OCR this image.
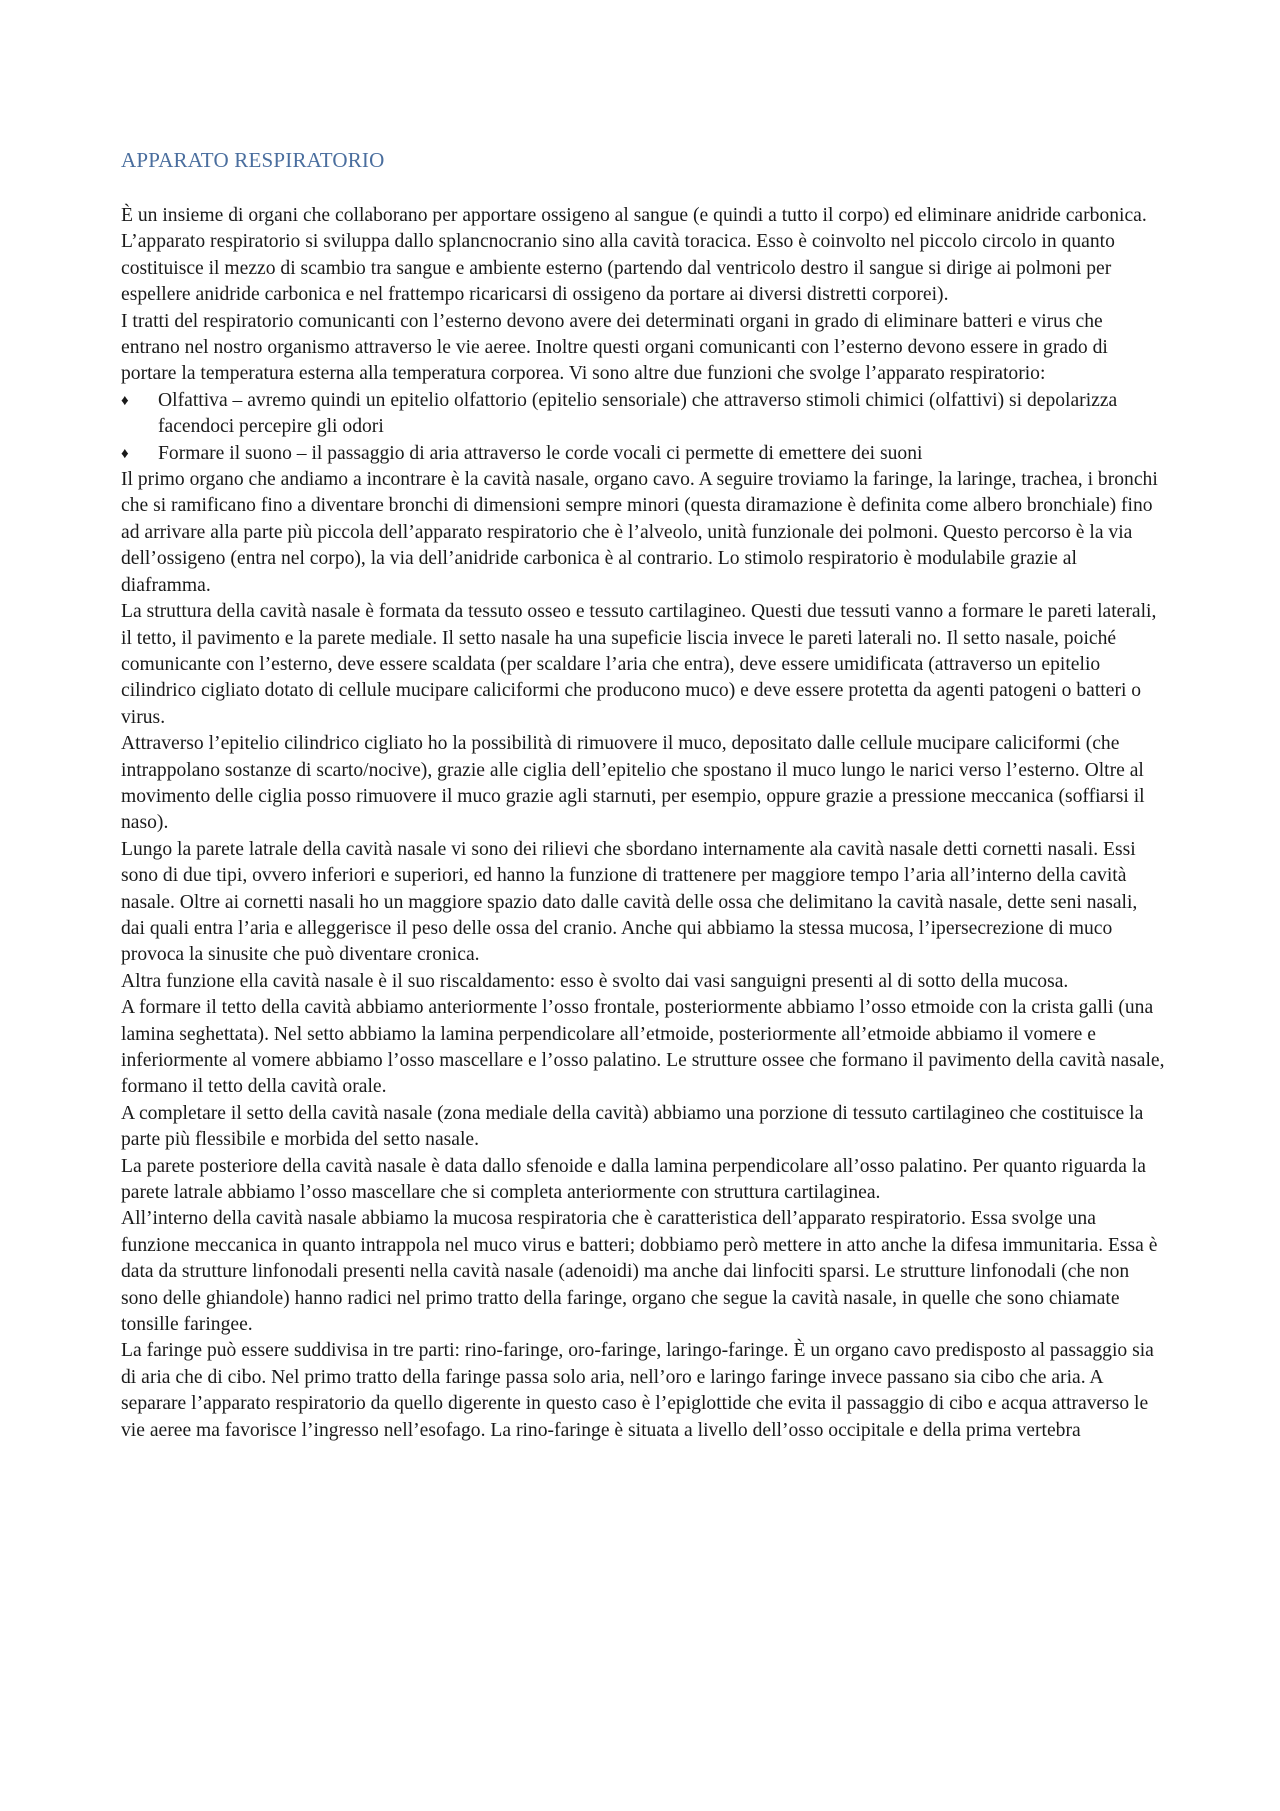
APPARATO RESPIRATORIO

È un insieme di organi che collaborano per apportare ossigeno al sangue (e quindi a tutto il corpo) ed eliminare anidride carbonica. L’apparato respiratorio si sviluppa dallo splancnocranio sino alla cavità toracica. Esso è coinvolto nel piccolo circolo in quanto costituisce il mezzo di scambio tra sangue e ambiente esterno (partendo dal ventricolo destro il sangue si dirige ai polmoni per espellere anidride carbonica e nel frattempo ricaricarsi di ossigeno da portare ai diversi distretti corporei).

I tratti del respiratorio comunicanti con l’esterno devono avere dei determinati organi in grado di eliminare batteri e virus che entrano nel nostro organismo attraverso le vie aeree. Inoltre questi organi comunicanti con l’esterno devono essere in grado di portare la temperatura esterna alla temperatura corporea. Vi sono altre due funzioni che svolge l’apparato respiratorio:

♦ Olfattiva – avremo quindi un epitelio olfattorio (epitelio sensoriale) che attraverso stimoli chimici (olfattivi) si depolarizza facendoci percepire gli odori
♦ Formare il suono – il passaggio di aria attraverso le corde vocali ci permette di emettere dei suoni

Il primo organo che andiamo a incontrare è la cavità nasale, organo cavo. A seguire troviamo la faringe, la laringe, trachea, i bronchi che si ramificano fino a diventare bronchi di dimensioni sempre minori (questa diramazione è definita come albero bronchiale) fino ad arrivare alla parte più piccola dell’apparato respiratorio che è l’alveolo, unità funzionale dei polmoni. Questo percorso è la via dell’ossigeno (entra nel corpo), la via dell’anidride carbonica è al contrario. Lo stimolo respiratorio è modulabile grazie al diaframma.

La struttura della cavità nasale è formata da tessuto osseo e tessuto cartilagineo. Questi due tessuti vanno a formare le pareti laterali, il tetto, il pavimento e la parete mediale. Il setto nasale ha una supeficie liscia invece le pareti laterali no. Il setto nasale, poiché comunicante con l’esterno, deve essere scaldata (per scaldare l’aria che entra), deve essere umidificata (attraverso un epitelio cilindrico cigliato dotato di cellule mucipare caliciformi che producono muco) e deve essere protetta da agenti patogeni o batteri o virus.

Attraverso l’epitelio cilindrico cigliato ho la possibilità di rimuovere il muco, depositato dalle cellule mucipare caliciformi (che intrappolano sostanze di scarto/nocive), grazie alle ciglia dell’epitelio che spostano il muco lungo le narici verso l’esterno. Oltre al movimento delle ciglia posso rimuovere il muco grazie agli starnuti, per esempio, oppure grazie a pressione meccanica (soffiarsi il naso).

Lungo la parete latrale della cavità nasale vi sono dei rilievi che sbordano internamente ala cavità nasale detti cornetti nasali. Essi sono di due tipi, ovvero inferiori e superiori, ed hanno la funzione di trattenere per maggiore tempo l’aria all’interno della cavità nasale. Oltre ai cornetti nasali ho un maggiore spazio dato dalle cavità delle ossa che delimitano la cavità nasale, dette seni nasali, dai quali entra l’aria e alleggerisce il peso delle ossa del cranio. Anche qui abbiamo la stessa mucosa, l’ipersecrezione di muco provoca la sinusite che può diventare cronica.

Altra funzione ella cavità nasale è il suo riscaldamento: esso è svolto dai vasi sanguigni presenti al di sotto della mucosa.

A formare il tetto della cavità abbiamo anteriormente l’osso frontale, posteriormente abbiamo l’osso etmoide con la crista galli (una lamina seghettata). Nel setto abbiamo la lamina perpendicolare all’etmoide, posteriormente all’etmoide abbiamo il vomere e inferiormente al vomere abbiamo l’osso mascellare e l’osso palatino. Le strutture ossee che formano il pavimento della cavità nasale, formano il tetto della cavità orale.

A completare il setto della cavità nasale (zona mediale della cavità) abbiamo una porzione di tessuto cartilagineo che costituisce la parte più flessibile e morbida del setto nasale.

La parete posteriore della cavità nasale è data dallo sfenoide e dalla lamina perpendicolare all’osso palatino. Per quanto riguarda la parete latrale abbiamo l’osso mascellare che si completa anteriormente con struttura cartilaginea.

All’interno della cavità nasale abbiamo la mucosa respiratoria che è caratteristica dell’apparato respiratorio. Essa svolge una funzione meccanica in quanto intrappola nel muco virus e batteri; dobbiamo però mettere in atto anche la difesa immunitaria. Essa è data da strutture linfonodali presenti nella cavità nasale (adenoidi) ma anche dai linfociti sparsi. Le strutture linfonodali (che non sono delle ghiandole) hanno radici nel primo tratto della faringe, organo che segue la cavità nasale, in quelle che sono chiamate tonsille faringee.

La faringe può essere suddivisa in tre parti: rino-faringe, oro-faringe, laringo-faringe. È un organo cavo predisposto al passaggio sia di aria che di cibo. Nel primo tratto della faringe passa solo aria, nell’oro e laringo faringe invece passano sia cibo che aria. A separare l’apparato respiratorio da quello digerente in questo caso è l’epiglottide che evita il passaggio di cibo e acqua attraverso le vie aeree ma favorisce l’ingresso nell’esofago. La rino-faringe è situata a livello dell’osso occipitale e della prima vertebra
